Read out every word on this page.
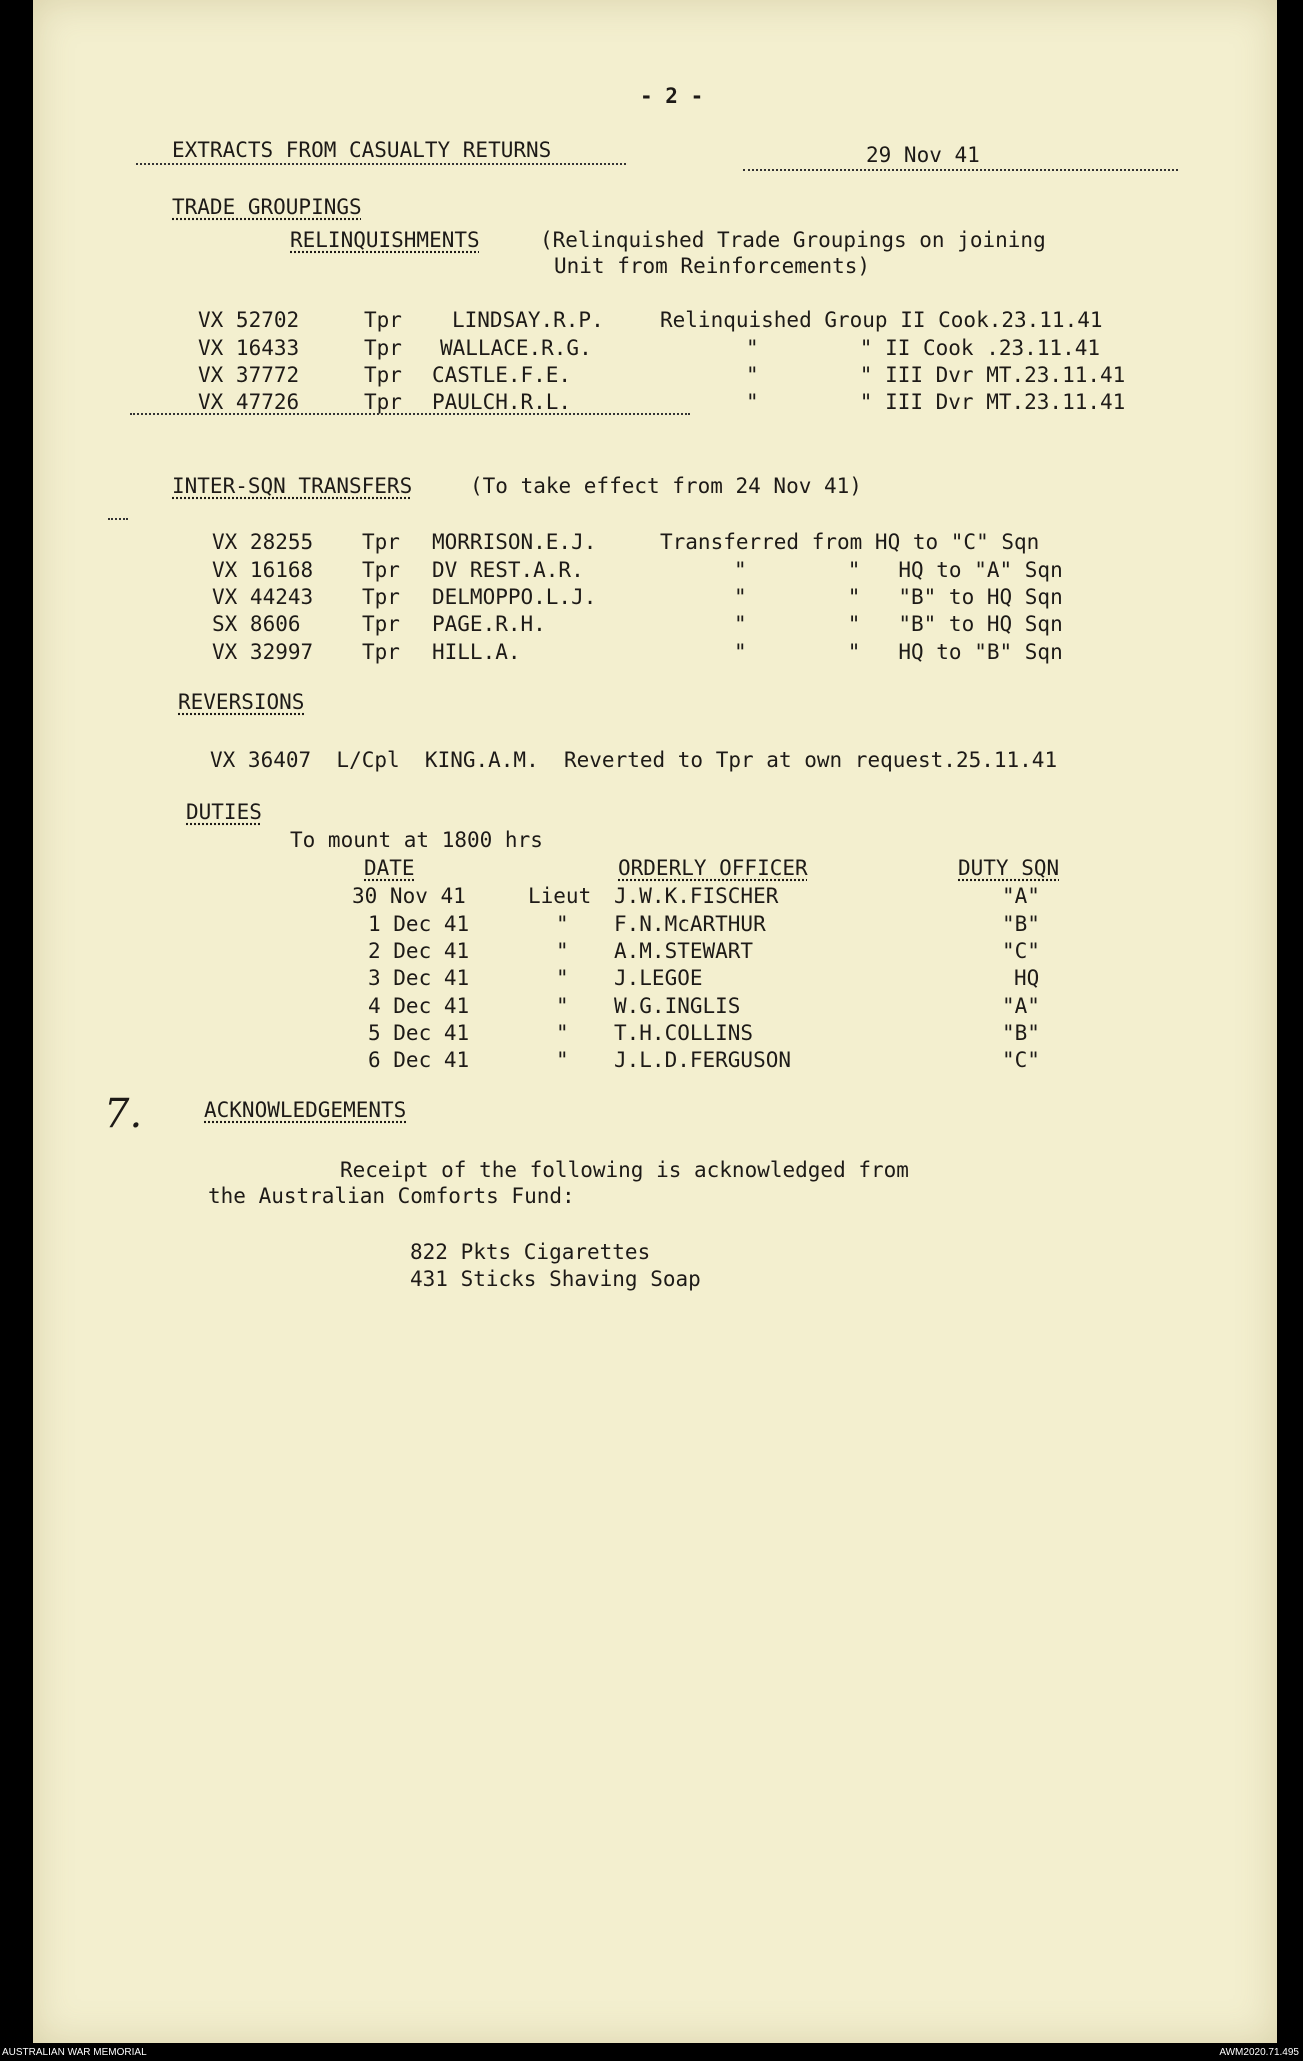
- 2 -
EXTRACTS FROM CASUALTY RETURNS	29 Nov 41
TRADE GROUPINGS
RELINQUISHMENTS	(Relinquished Trade Groupings on joining
Unit from Reinforcements)
VX 52702	Tpr LINDSAY.R.P.	Relinquished Group II Cook.23.11.41
VX 16433	Tpr WALLACE.R.G.	"        " II Cook .23.11.41
VX 37772	Tpr CASTLE.F.E.	"        " III Dvr MT.23.11.41
VX 47726	Tpr PAULCH.R.L.	"        " III Dvr MT.23.11.41
INTER-SQN TRANSFERS	(To take effect from 24 Nov 41)
VX 28255 Tpr MORRISON.E.J.	Transferred from HQ to "C" Sqn
VX 16168 Tpr DV REST.A.R.	"        "   HQ to "A" Sqn
VX 44243 Tpr DELMOPPO.L.J.	"        "   "B" to HQ Sqn
SX 8606	Tpr PAGE.R.H.	"        "   "B" to HQ Sqn
VX 32997 Tpr HILL.A.	"        "   HQ to "B" Sqn
REVERSIONS
VX 36407  L/Cpl  KING.A.M.  Reverted to Tpr at own request.25.11.41
DUTIES
To mount at 1800 hrs
DATE	ORDERLY OFFICER	DUTY SQN
30 Nov 41	Lieut J.W.K.FISCHER	"A"
1 Dec 41	" F.N.McARTHUR	"B"
2 Dec 41	" A.M.STEWART	"C"
3 Dec 41	" J.LEGOE	HQ
4 Dec 41	" W.G.INGLIS	"A"
5 Dec 41	" T.H.COLLINS	"B"
6 Dec 41	" J.L.D.FERGUSON	"C"
7.	ACKNOWLEDGEMENTS
Receipt of the following is acknowledged from
the Australian Comforts Fund:
822 Pkts Cigarettes
431 Sticks Shaving Soap
AUSTRALIAN WAR MEMORIAL	AWM2020.71.495
